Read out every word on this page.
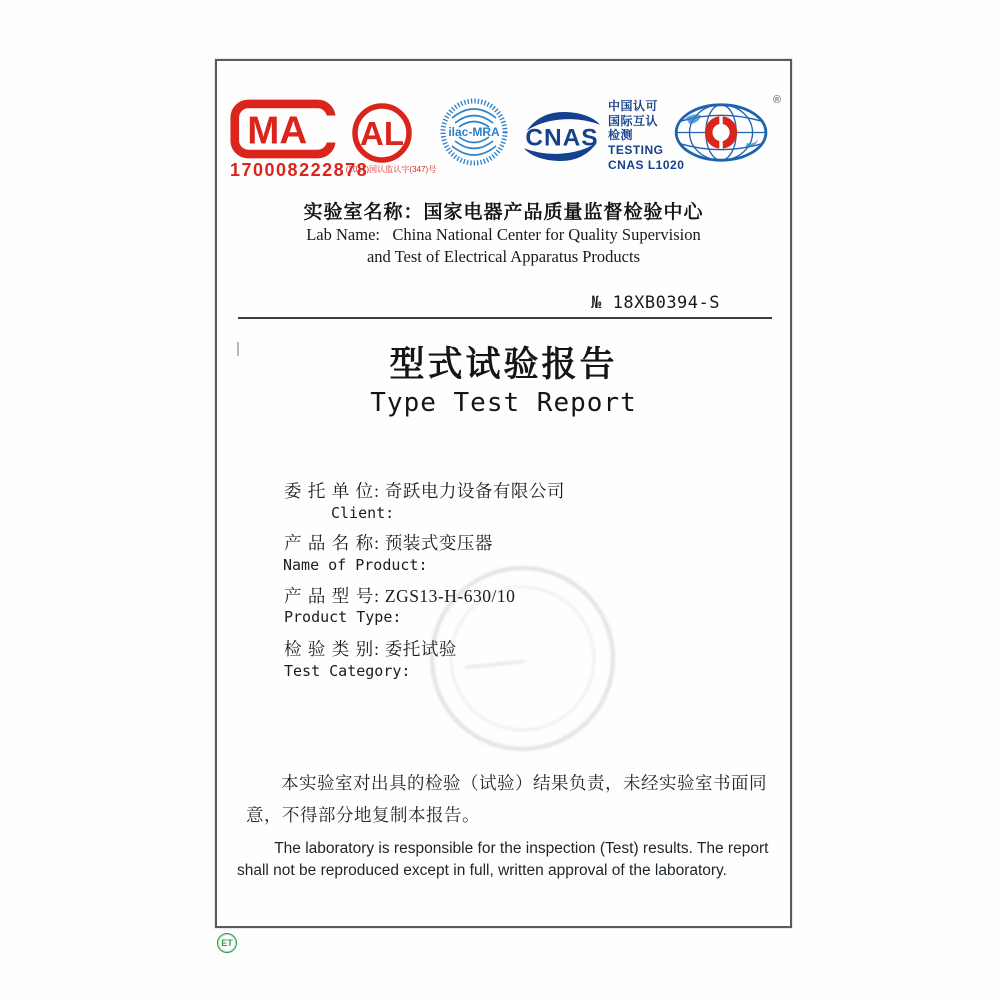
MA
170008222878
AL
(2017)国认监认字(347)号
ilac-MRA CNAS
中国认可
国际互认
检测
TESTING
CNAS L1020
®
实验室名称：国家电器产品质量监督检验中心
Lab Name: China National Center for Quality Supervision
and Test of Electrical Apparatus Products
№ 18XB0394-S
型式试验报告
Type Test Report
委 托 单 位: 奇跃电力设备有限公司
Client:
产 品 名 称: 预装式变压器
Name of Product:
产 品 型 号: ZGS13-H-630/10
Product Type:
检 验 类 别: 委托试验
Test Category:
本实验室对出具的检验（试验）结果负责，未经实验室书面同意，不得部分地复制本报告。
The laboratory is responsible for the inspection (Test) results. The report shall not be reproduced except in full, written approval of the laboratory.
ET
